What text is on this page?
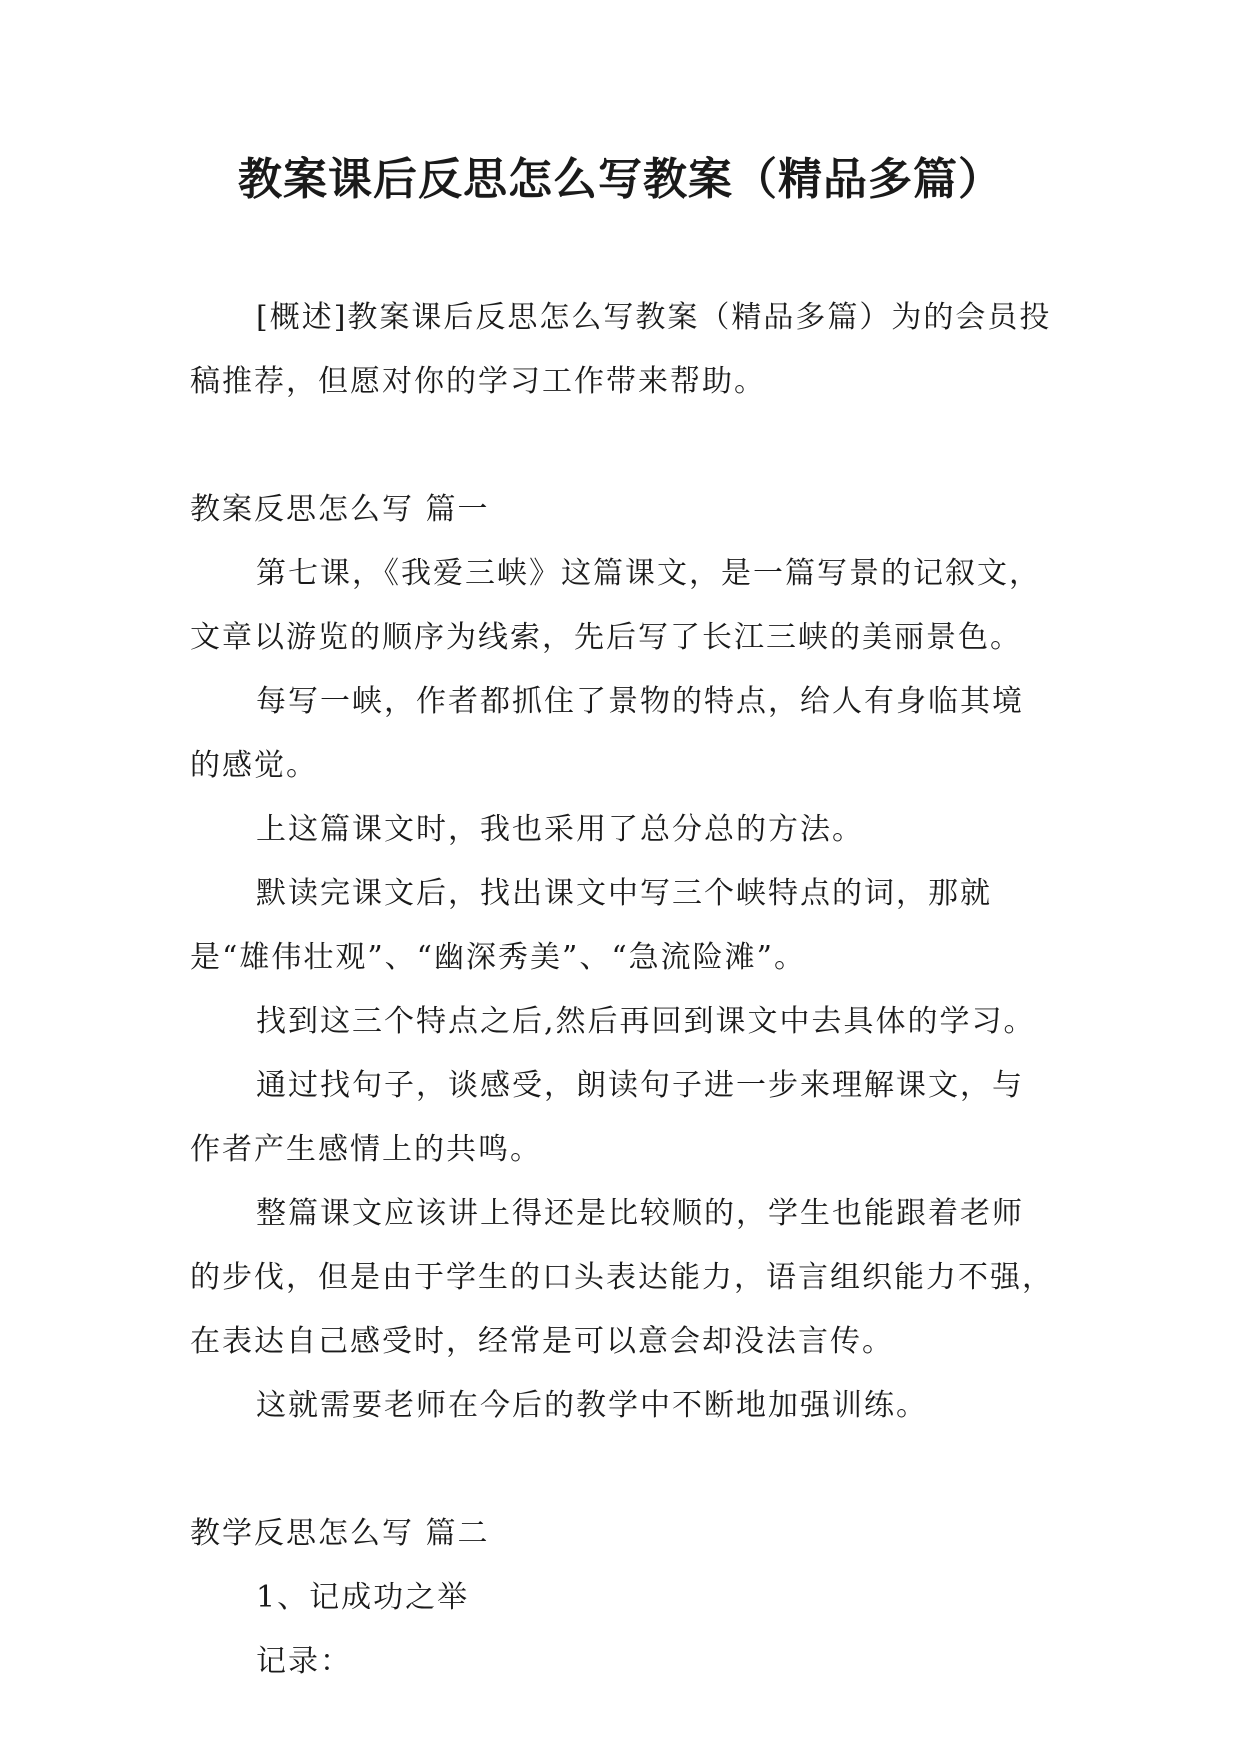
教案课后反思怎么写教案（精品多篇）

[概述]教案课后反思怎么写教案（精品多篇）为的会员投稿推荐，但愿对你的学习工作带来帮助。

教案反思怎么写 篇一

第七课，《我爱三峡》这篇课文，是一篇写景的记叙文，文章以游览的顺序为线索，先后写了长江三峡的美丽景色。

每写一峡，作者都抓住了景物的特点，给人有身临其境的感觉。

上这篇课文时，我也采用了总分总的方法。

默读完课文后，找出课文中写三个峡特点的词，那就是“雄伟壮观”、“幽深秀美”、“急流险滩”。

找到这三个特点之后,然后再回到课文中去具体的学习。

通过找句子，谈感受，朗读句子进一步来理解课文，与作者产生感情上的共鸣。

整篇课文应该讲上得还是比较顺的，学生也能跟着老师的步伐，但是由于学生的口头表达能力，语言组织能力不强，在表达自己感受时，经常是可以意会却没法言传。

这就需要老师在今后的教学中不断地加强训练。

教学反思怎么写 篇二

1、记成功之举

记录：
